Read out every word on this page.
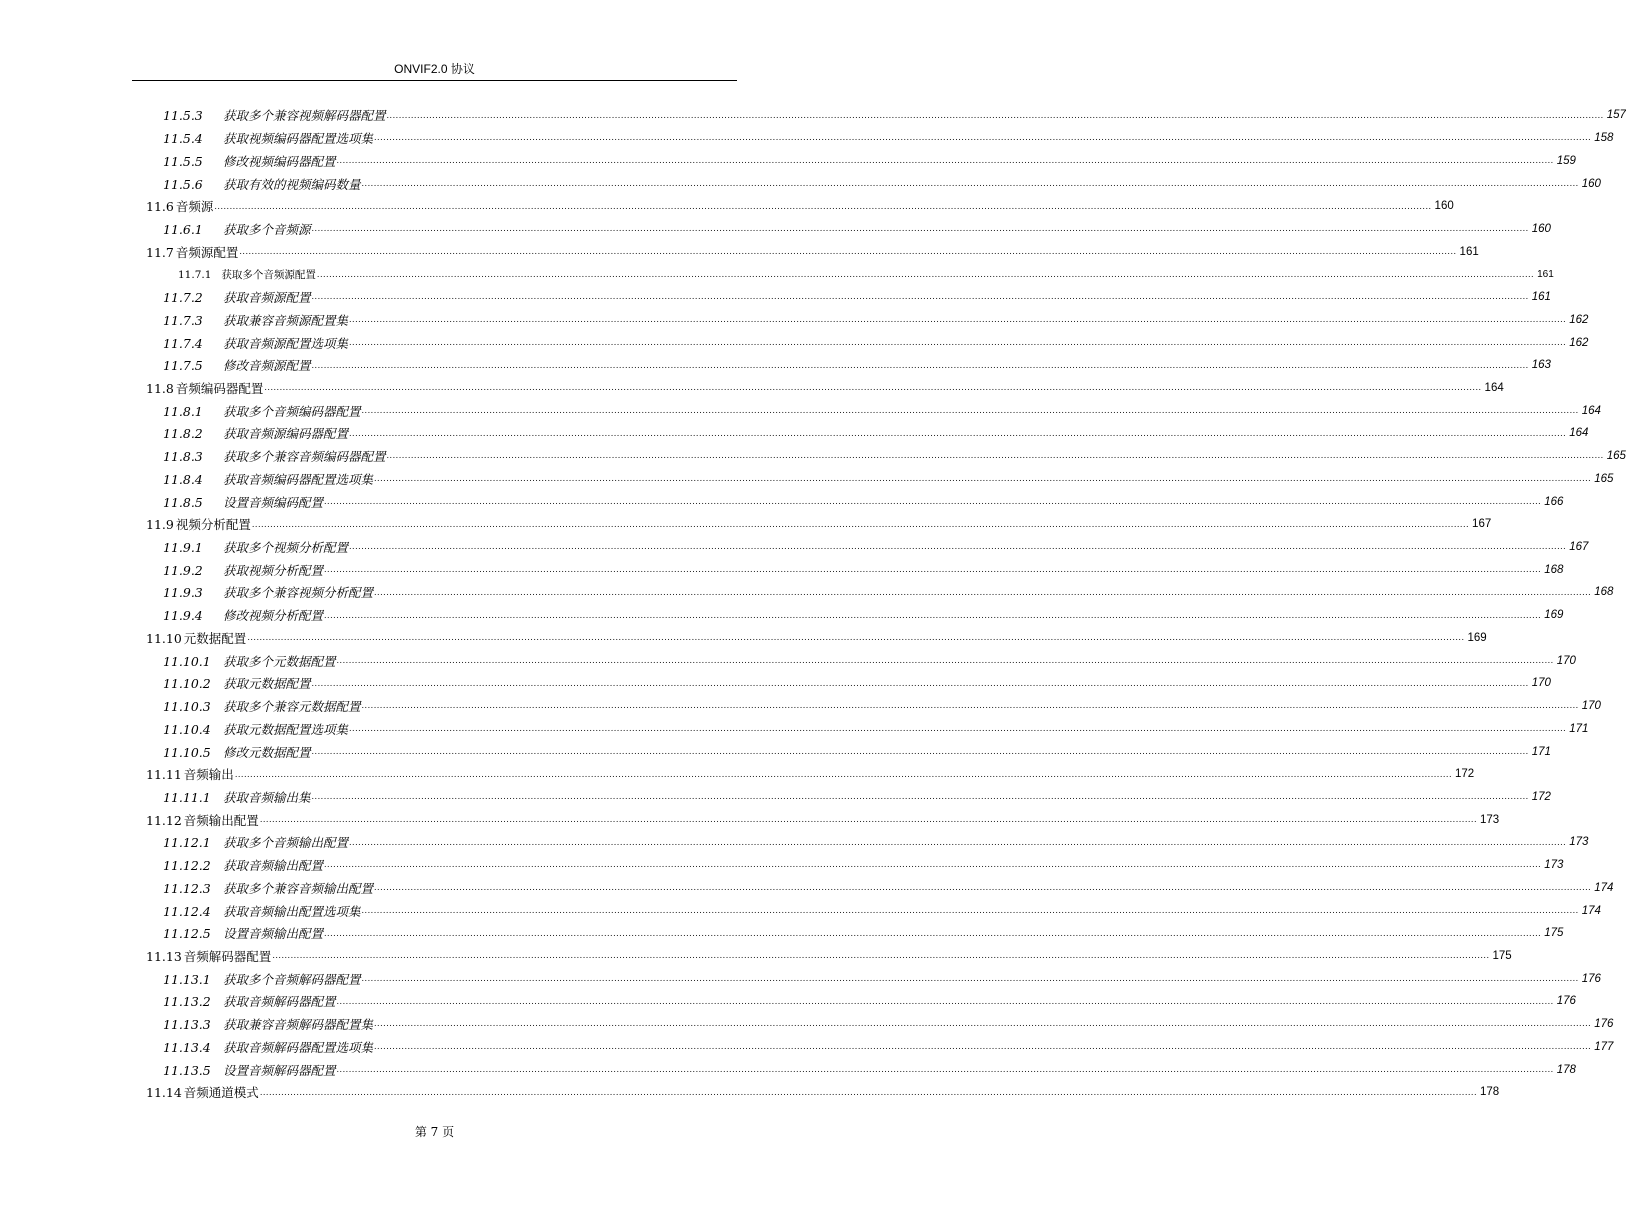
ONVIF2.0 协议
11.5.3 获取多个兼容视频解码器配置 ................................................................................................................................................................................................................................................................................................................................................................................................................ 157
11.5.4 获取视频编码器配置选项集 ................................................................................................................................................................................................................................................................................................................................................................................................................ 158
11.5.5 修改视频编码器配置 ................................................................................................................................................................................................................................................................................................................................................................................................................ 159
11.5.6 获取有效的视频编码数量 ................................................................................................................................................................................................................................................................................................................................................................................................................ 160
11.6 音频源 ................................................................................................................................................................................................................................................................................................................................................................................................................ 160
11.6.1 获取多个音频源 ................................................................................................................................................................................................................................................................................................................................................................................................................ 160
11.7 音频源配置 ................................................................................................................................................................................................................................................................................................................................................................................................................ 161
11.7.1 获取多个音频源配置 ................................................................................................................................................................................................................................................................................................................................................................................................................ 161
11.7.2 获取音频源配置 ................................................................................................................................................................................................................................................................................................................................................................................................................ 161
11.7.3 获取兼容音频源配置集 ................................................................................................................................................................................................................................................................................................................................................................................................................ 162
11.7.4 获取音频源配置选项集 ................................................................................................................................................................................................................................................................................................................................................................................................................ 162
11.7.5 修改音频源配置 ................................................................................................................................................................................................................................................................................................................................................................................................................ 163
11.8 音频编码器配置 ................................................................................................................................................................................................................................................................................................................................................................................................................ 164
11.8.1 获取多个音频编码器配置 ................................................................................................................................................................................................................................................................................................................................................................................................................ 164
11.8.2 获取音频源编码器配置 ................................................................................................................................................................................................................................................................................................................................................................................................................ 164
11.8.3 获取多个兼容音频编码器配置 ................................................................................................................................................................................................................................................................................................................................................................................................................ 165
11.8.4 获取音频编码器配置选项集 ................................................................................................................................................................................................................................................................................................................................................................................................................ 165
11.8.5 设置音频编码配置 ................................................................................................................................................................................................................................................................................................................................................................................................................ 166
11.9 视频分析配置 ................................................................................................................................................................................................................................................................................................................................................................................................................ 167
11.9.1 获取多个视频分析配置 ................................................................................................................................................................................................................................................................................................................................................................................................................ 167
11.9.2 获取视频分析配置 ................................................................................................................................................................................................................................................................................................................................................................................................................ 168
11.9.3 获取多个兼容视频分析配置 ................................................................................................................................................................................................................................................................................................................................................................................................................ 168
11.9.4 修改视频分析配置 ................................................................................................................................................................................................................................................................................................................................................................................................................ 169
11.10 元数据配置 ................................................................................................................................................................................................................................................................................................................................................................................................................ 169
11.10.1 获取多个元数据配置 ................................................................................................................................................................................................................................................................................................................................................................................................................ 170
11.10.2 获取元数据配置 ................................................................................................................................................................................................................................................................................................................................................................................................................ 170
11.10.3 获取多个兼容元数据配置 ................................................................................................................................................................................................................................................................................................................................................................................................................ 170
11.10.4 获取元数据配置选项集 ................................................................................................................................................................................................................................................................................................................................................................................................................ 171
11.10.5 修改元数据配置 ................................................................................................................................................................................................................................................................................................................................................................................................................ 171
11.11 音频输出 ................................................................................................................................................................................................................................................................................................................................................................................................................ 172
11.11.1 获取音频输出集 ................................................................................................................................................................................................................................................................................................................................................................................................................ 172
11.12 音频输出配置 ................................................................................................................................................................................................................................................................................................................................................................................................................ 173
11.12.1 获取多个音频输出配置 ................................................................................................................................................................................................................................................................................................................................................................................................................ 173
11.12.2 获取音频输出配置 ................................................................................................................................................................................................................................................................................................................................................................................................................ 173
11.12.3 获取多个兼容音频输出配置 ................................................................................................................................................................................................................................................................................................................................................................................................................ 174
11.12.4 获取音频输出配置选项集 ................................................................................................................................................................................................................................................................................................................................................................................................................ 174
11.12.5 设置音频输出配置 ................................................................................................................................................................................................................................................................................................................................................................................................................ 175
11.13 音频解码器配置 ................................................................................................................................................................................................................................................................................................................................................................................................................ 175
11.13.1 获取多个音频解码器配置 ................................................................................................................................................................................................................................................................................................................................................................................................................ 176
11.13.2 获取音频解码器配置 ................................................................................................................................................................................................................................................................................................................................................................................................................ 176
11.13.3 获取兼容音频解码器配置集 ................................................................................................................................................................................................................................................................................................................................................................................................................ 176
11.13.4 获取音频解码器配置选项集 ................................................................................................................................................................................................................................................................................................................................................................................................................ 177
11.13.5 设置音频解码器配置 ................................................................................................................................................................................................................................................................................................................................................................................................................ 178
11.14 音频通道模式 ................................................................................................................................................................................................................................................................................................................................................................................................................ 178
第 7 页
